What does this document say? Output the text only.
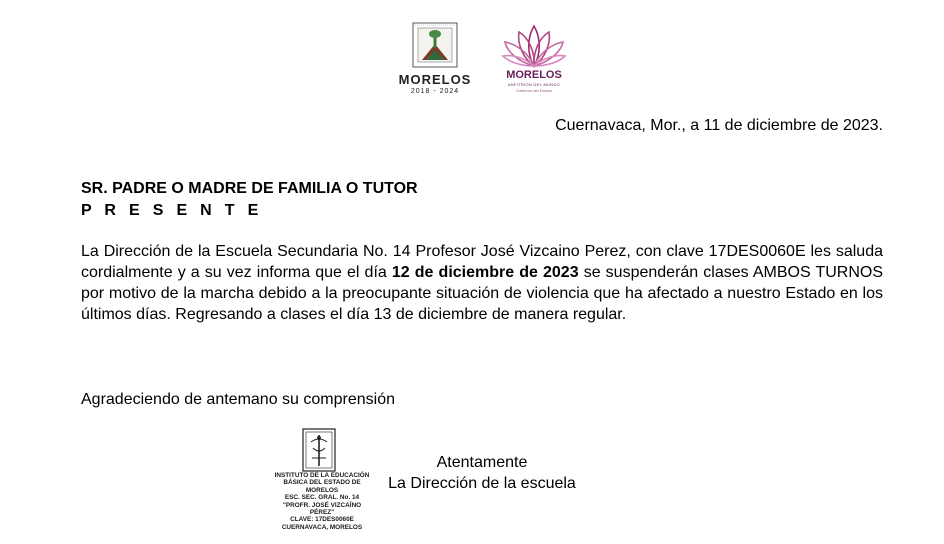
MORELOS
2018 - 2024
MORELOS
ANFITRIÓN DEL MUNDO
Gobierno del Estado
Cuernavaca, Mor., a 11 de diciembre de 2023.
SR. PADRE O MADRE DE FAMILIA O TUTOR
P R E S E N T E
La Dirección de la Escuela Secundaria No. 14 Profesor José Vizcaino Perez, con clave 17DES0060E les saluda cordialmente y a su vez informa que el día 12 de diciembre de 2023 se suspenderán clases AMBOS TURNOS por motivo de la marcha debido a la preocupante situación de violencia que ha afectado a nuestro Estado en los últimos días. Regresando a clases el día 13 de diciembre de manera regular.
Agradeciendo de antemano su comprensión
INSTITUTO DE LA EDUCACIÓN
BÁSICA DEL ESTADO DE MORELOS
ESC. SEC. GRAL. No. 14
"PROFR. JOSÉ VIZCAÍNO PÉREZ"
CLAVE: 17DES0060E
CUERNAVACA, MORELOS
Atentamente
La Dirección de la escuela
